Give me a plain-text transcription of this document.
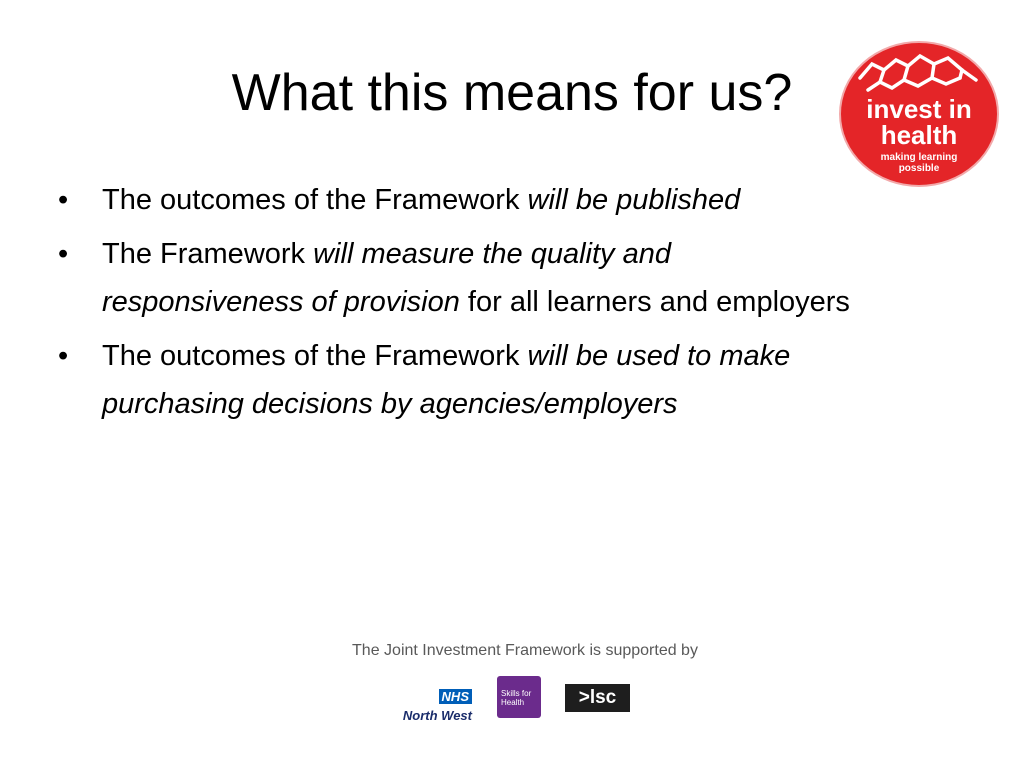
What this means for us?
• The outcomes of the Framework will be published
• The Framework will measure the quality and responsiveness of provision for all learners and employers
• The outcomes of the Framework will be used to make purchasing decisions by agencies/employers
invest in
health
making learning
possible
The Joint Investment Framework is supported by
NHS
North West
Skills for
Health	>lsc
